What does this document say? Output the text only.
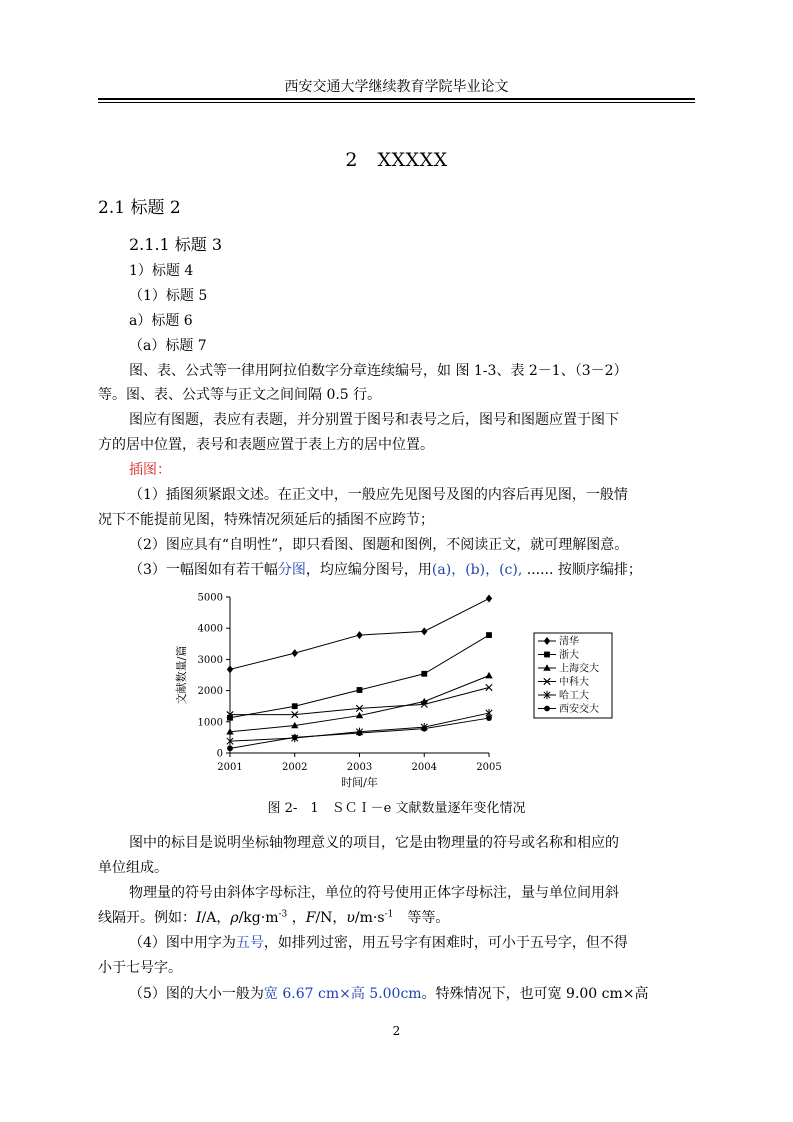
西安交通大学继续教育学院毕业论文
2　XXXXX
2.1 标题 2
2.1.1 标题 3
1）标题 4
（1）标题 5
a）标题 6
（a）标题 7
图、表、公式等一律用阿拉伯数字分章连续编号，如 图 1-3、表 2－1、（3－2）
等。图、表、公式等与正文之间间隔 0.5 行。
图应有图题，表应有表题，并分别置于图号和表号之后，图号和图题应置于图下
方的居中位置，表号和表题应置于表上方的居中位置。
插图：
（1）插图须紧跟文述。在正文中，一般应先见图号及图的内容后再见图，一般情
况下不能提前见图，特殊情况须延后的插图不应跨节；
（2）图应具有“自明性”，即只看图、图题和图例，不阅读正文，就可理解图意。
（3）一幅图如有若干幅分图，均应编分图号，用(a)，(b)，(c), ...... 按顺序编排；
0
1000
2000
3000
4000
5000
2001	2002	2003	2004	2005
时间/年
文献数量/篇
清华
浙大
上海交大
中科大
哈工大
西安交大
图 2-　1　ＳＣＩ－e 文献数量逐年变化情况
图中的标目是说明坐标轴物理意义的项目，它是由物理量的符号或名称和相应的
单位组成。
物理量的符号由斜体字母标注，单位的符号使用正体字母标注，量与单位间用斜
线隔开。例如：I/A，$\rho/kg\cdot m^{-3}$ ，F/N，$\upsilon/m\cdot s^{-1}$　等等。
（4）图中用字为五号，如排列过密，用五号字有困难时，可小于五号字，但不得
小于七号字。
（5）图的大小一般为宽 6.67 cm×高 5.00cm。特殊情况下，也可宽 9.00 cm×高
2
